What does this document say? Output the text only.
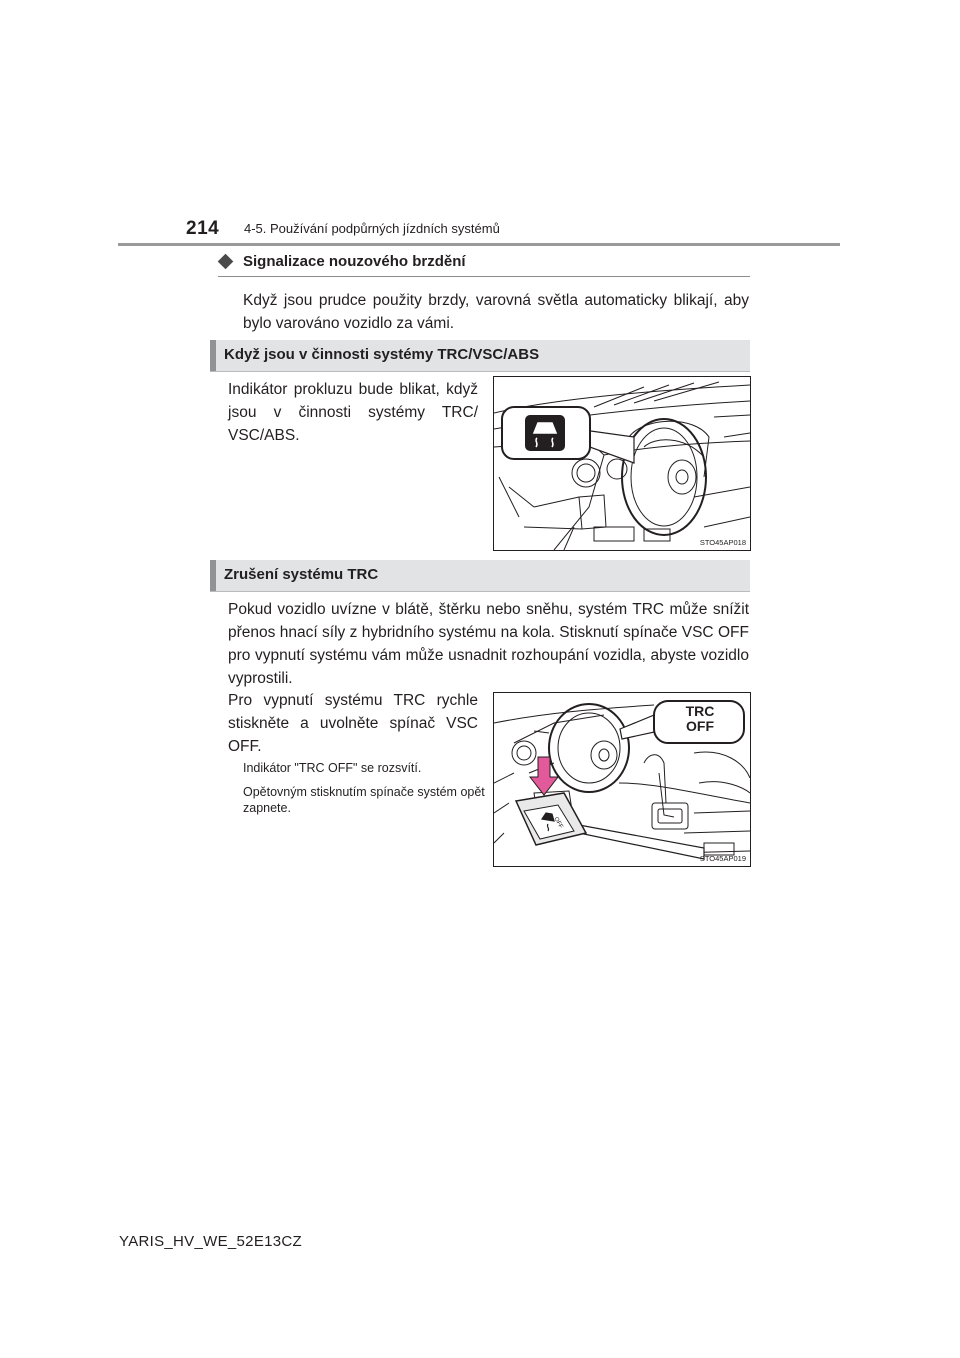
214 4-5. Používání podpůrných jízdních systémů
Signalizace nouzového brzdění
Když jsou prudce použity brzdy, varovná světla automaticky blikají, aby bylo varováno vozidlo za vámi.
Když jsou v činnosti systémy TRC/VSC/ABS
Indikátor prokluzu bude blikat, když jsou v činnosti systémy TRC/ VSC/ABS.
STO45AP018
Zrušení systému TRC
Pokud vozidlo uvízne v blátě, štěrku nebo sněhu, systém TRC může snížit přenos hnací síly z hybridního systému na kola. Stisknutí spínače VSC OFF pro vypnutí systému vám může usnadnit rozhoupání vozidla, abyste vozidlo vyprostili.
Pro vypnutí systému TRC rychle stiskněte a uvolněte spínač VSC OFF.
Indikátor "TRC OFF" se rozsvítí.
Opětovným stisknutím spínače systém opět zapnete.
TRC
OFF
OFF
STO45AP019
YARIS_HV_WE_52E13CZ
